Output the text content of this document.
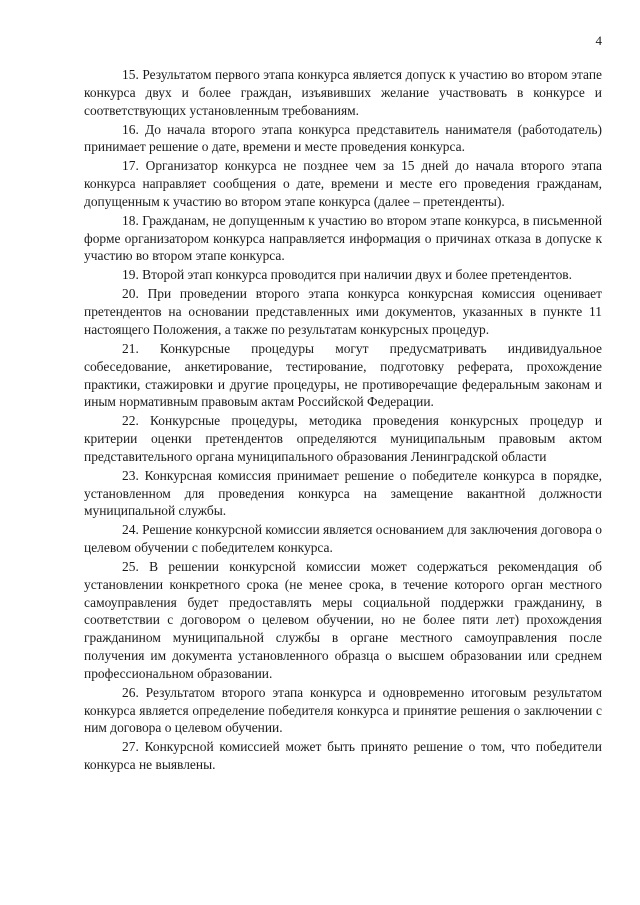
4

15. Результатом первого этапа конкурса является допуск к участию во втором этапе конкурса двух и более граждан, изъявивших желание участвовать в конкурсе и соответствующих установленным требованиям.

16. До начала второго этапа конкурса представитель нанимателя (работодатель) принимает решение о дате, времени и месте проведения конкурса.

17. Организатор конкурса не позднее чем за 15 дней до начала второго этапа конкурса направляет сообщения о дате, времени и месте его проведения гражданам, допущенным к участию во втором этапе конкурса (далее – претенденты).

18. Гражданам, не допущенным к участию во втором этапе конкурса, в письменной форме организатором конкурса направляется информация о причинах отказа в допуске к участию во втором этапе конкурса.

19. Второй этап конкурса проводится при наличии двух и более претендентов.

20. При проведении второго этапа конкурса конкурсная комиссия оценивает претендентов на основании представленных ими документов, указанных в пункте 11 настоящего Положения, а также по результатам конкурсных процедур.

21. Конкурсные процедуры могут предусматривать индивидуальное собеседование, анкетирование, тестирование, подготовку реферата, прохождение практики, стажировки и другие процедуры, не противоречащие федеральным законам и иным нормативным правовым актам Российской Федерации.

22. Конкурсные процедуры, методика проведения конкурсных процедур и критерии оценки претендентов определяются муниципальным правовым актом представительного органа муниципального образования Ленинградской области

23. Конкурсная комиссия принимает решение о победителе конкурса в порядке, установленном для проведения конкурса на замещение вакантной должности муниципальной службы.

24. Решение конкурсной комиссии является основанием для заключения договора о целевом обучении с победителем конкурса.

25. В решении конкурсной комиссии может содержаться рекомендация об установлении конкретного срока (не менее срока, в течение которого орган местного самоуправления будет предоставлять меры социальной поддержки гражданину, в соответствии с договором о целевом обучении, но не более пяти лет) прохождения гражданином муниципальной службы в органе местного самоуправления после получения им документа установленного образца о высшем образовании или среднем профессиональном образовании.

26. Результатом второго этапа конкурса и одновременно итоговым результатом конкурса является определение победителя конкурса и принятие решения о заключении с ним договора о целевом обучении.

27. Конкурсной комиссией может быть принято решение о том, что победители конкурса не выявлены.
